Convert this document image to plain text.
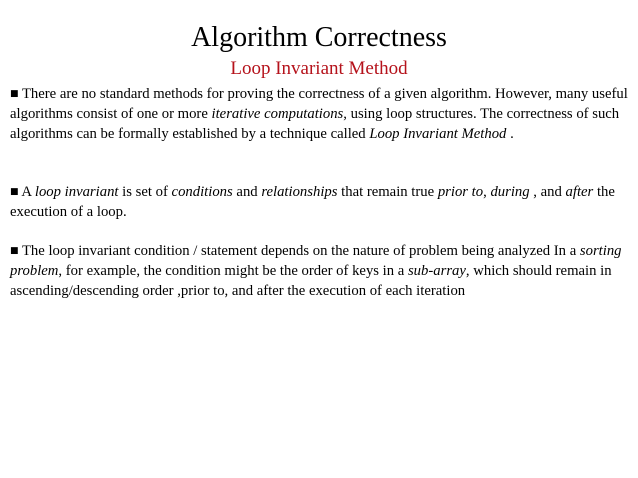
Algorithm Correctness
Loop Invariant Method

■ There are no standard methods for proving the correctness of a given algorithm. However, many useful algorithms consist of one or more iterative computations, using loop structures. The correctness of such algorithms can be formally established by a technique called Loop Invariant Method .

■ A loop invariant is set of conditions and relationships that remain true prior to, during , and after the execution of a loop.

■ The loop invariant condition / statement depends on the nature of problem being analyzed In a sorting problem, for example, the condition might be the order of keys in a sub-array, which should remain in ascending/descending order ,prior to, and after the execution of each iteration
